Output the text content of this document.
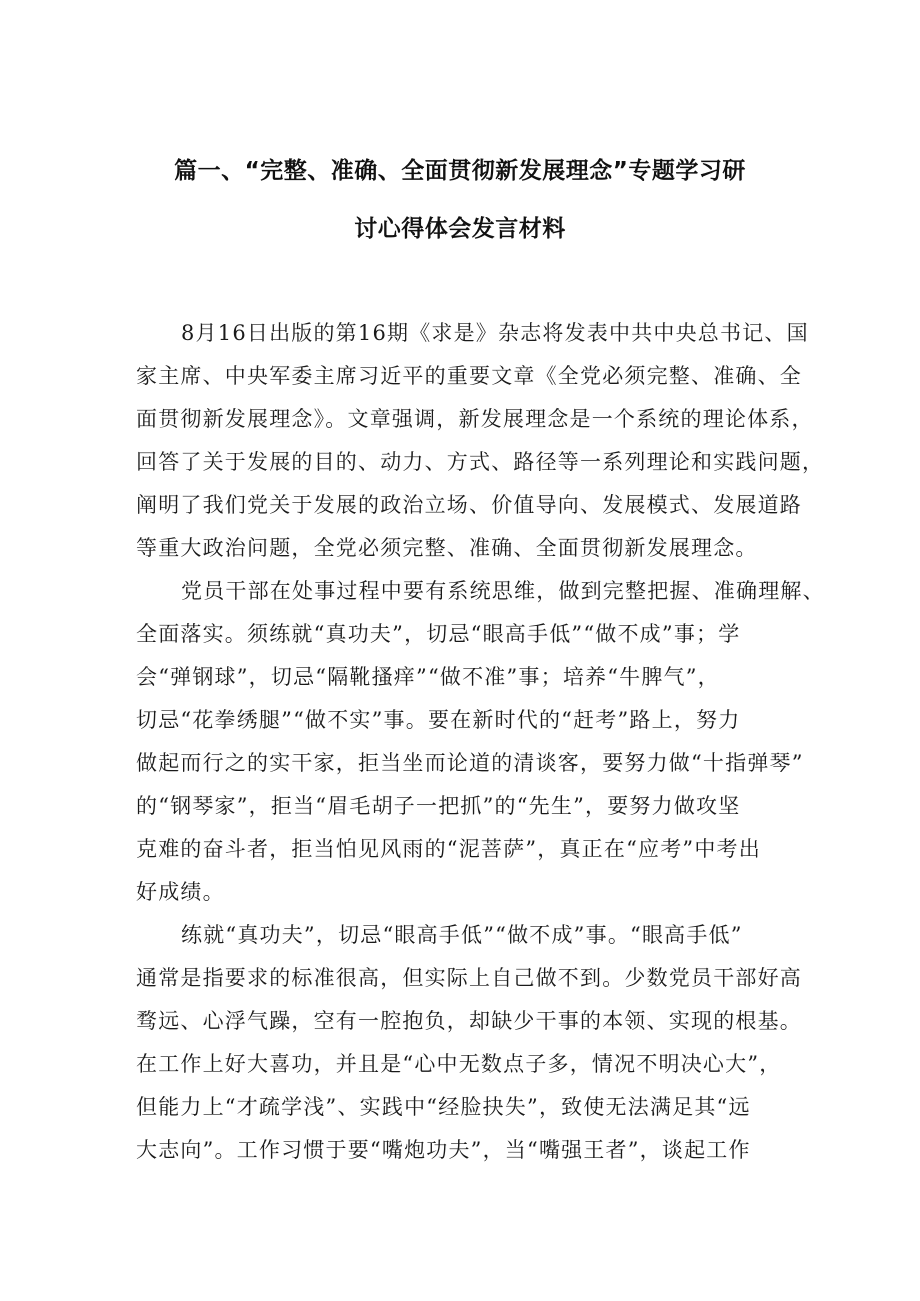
篇一、“完整、准确、全面贯彻新发展理念”专题学习研
讨心得体会发言材料
8月16日出版的第16期《求是》杂志将发表中共中央总书记、国
家主席、中央军委主席习近平的重要文章《全党必须完整、准确、全
面贯彻新发展理念》。文章强调，新发展理念是一个系统的理论体系，
回答了关于发展的目的、动力、方式、路径等一系列理论和实践问题，
阐明了我们党关于发展的政治立场、价值导向、发展模式、发展道路
等重大政治问题，全党必须完整、准确、全面贯彻新发展理念。
党员干部在处事过程中要有系统思维，做到完整把握、准确理解、
全面落实。须练就“真功夫”，切忌“眼高手低”“做不成”事；学
会“弹钢球”，切忌“隔靴搔痒”“做不准”事；培养“牛脾气”，
切忌“花拳绣腿”“做不实”事。要在新时代的“赶考”路上，努力
做起而行之的实干家，拒当坐而论道的清谈客，要努力做“十指弹琴”
的“钢琴家”，拒当“眉毛胡子一把抓”的“先生”，要努力做攻坚
克难的奋斗者，拒当怕见风雨的“泥菩萨”，真正在“应考”中考出
好成绩。
练就“真功夫”，切忌“眼高手低”“做不成”事。“眼高手低”
通常是指要求的标准很高，但实际上自己做不到。少数党员干部好高
骛远、心浮气躁，空有一腔抱负，却缺少干事的本领、实现的根基。
在工作上好大喜功，并且是“心中无数点子多，情况不明决心大”，
但能力上“才疏学浅”、实践中“经脸抉失”，致使无法满足其“远
大志向”。工作习惯于要“嘴炮功夫”，当“嘴强王者”，谈起工作
